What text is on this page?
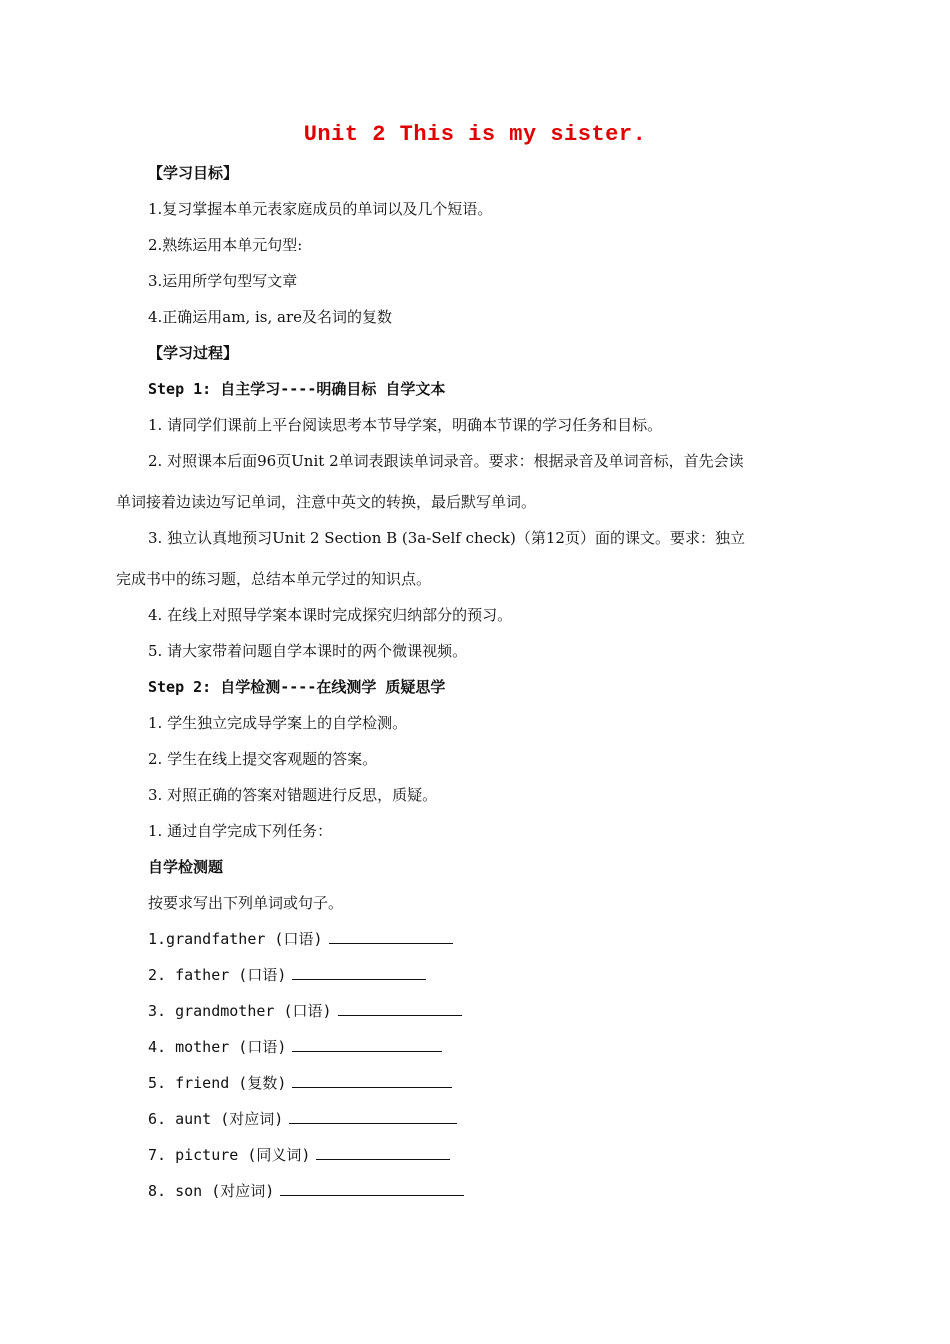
Unit 2 This is my sister.
【学习目标】
1.复习掌握本单元表家庭成员的单词以及几个短语。
2.熟练运用本单元句型:
3.运用所学句型写文章
4.正确运用am, is, are及名词的复数
【学习过程】
Step 1: 自主学习----明确目标 自学文本
1. 请同学们课前上平台阅读思考本节导学案，明确本节课的学习任务和目标。
2. 对照课本后面96页Unit 2单词表跟读单词录音。要求：根据录音及单词音标，首先会读
单词接着边读边写记单词，注意中英文的转换，最后默写单词。
3. 独立认真地预习Unit 2 Section B (3a-Self check)（第12页）面的课文。要求：独立
完成书中的练习题，总结本单元学过的知识点。
4. 在线上对照导学案本课时完成探究归纳部分的预习。
5. 请大家带着问题自学本课时的两个微课视频。
Step 2: 自学检测----在线测学 质疑思学
1. 学生独立完成导学案上的自学检测。
2. 学生在线上提交客观题的答案。
3. 对照正确的答案对错题进行反思，质疑。
1. 通过自学完成下列任务：
自学检测题
按要求写出下列单词或句子。
1.grandfather (口语)
2. father (口语)
3. grandmother (口语)
4. mother (口语)
5. friend (复数)
6. aunt (对应词)
7. picture (同义词)
8. son (对应词)
